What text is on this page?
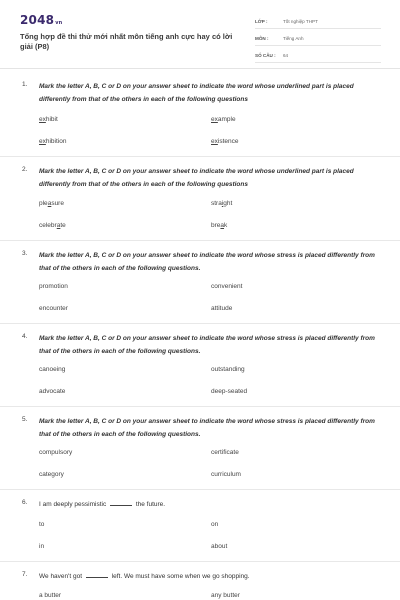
2048vn
Tổng hợp đề thi thử mới nhất môn tiếng anh cực hay có lời giải (P8)
LỚP :	Tốt nghiệp THPT
MÔN :	Tiếng Anh
SỐ CÂU :	64
1. Mark the letter A, B, C or D on your answer sheet to indicate the word whose underlined part is placed differently from that of the others in each of the following questions
exhibit	example
exhibition	existence
2. Mark the letter A, B, C or D on your answer sheet to indicate the word whose underlined part is placed differently from that of the others in each of the following questions
pleasure	straight
celebrate	break
3. Mark the letter A, B, C or D on your answer sheet to indicate the word whose stress is placed differently from that of the others in each of the following questions.
promotion	convenient
encounter	attitude
4. Mark the letter A, B, C or D on your answer sheet to indicate the word whose stress is placed differently from that of the others in each of the following questions.
canoeing	outstanding
advocate	deep-seated
5. Mark the letter A, B, C or D on your answer sheet to indicate the word whose stress is placed differently from that of the others in each of the following questions.
compulsory	certificate
category	curriculum
6. I am deeply pessimistic	the future.
to	on
in	about
7. We haven't got	left. We must have some when we go shopping.
a butter	any butter
